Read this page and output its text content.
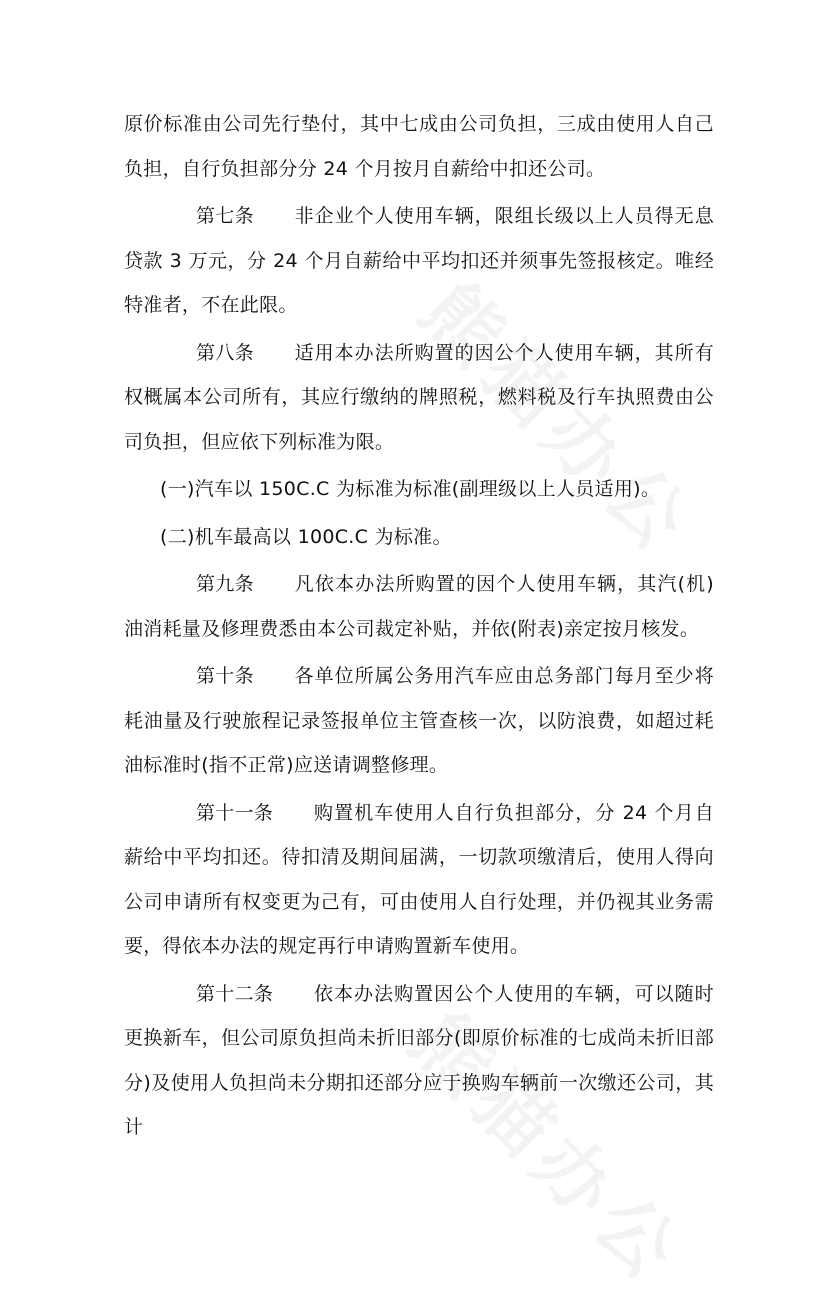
原价标准由公司先行垫付，其中七成由公司负担，三成由使用人自己负担，自行负担部分分 24 个月按月自薪给中扣还公司。

第七条 非企业个人使用车辆，限组长级以上人员得无息贷款 3 万元，分 24 个月自薪给中平均扣还并须事先签报核定。唯经特准者，不在此限。

第八条 适用本办法所购置的因公个人使用车辆，其所有权概属本公司所有，其应行缴纳的牌照税，燃料税及行车执照费由公司负担，但应依下列标准为限。

(一)汽车以 150C.C 为标准为标准(副理级以上人员适用)。

(二)机车最高以 100C.C 为标准。

第九条 凡依本办法所购置的因个人使用车辆，其汽(机)油消耗量及修理费悉由本公司裁定补贴，并依(附表)亲定按月核发。

第十条 各单位所属公务用汽车应由总务部门每月至少将耗油量及行驶旅程记录签报单位主管查核一次，以防浪费，如超过耗油标准时(指不正常)应送请调整修理。

第十一条 购置机车使用人自行负担部分，分 24 个月自薪给中平均扣还。待扣清及期间届满，一切款项缴清后，使用人得向公司申请所有权变更为己有，可由使用人自行处理，并仍视其业务需要，得依本办法的规定再行申请购置新车使用。

第十二条 依本办法购置因公个人使用的车辆，可以随时更换新车，但公司原负担尚未折旧部分(即原价标准的七成尚未折旧部分)及使用人负担尚未分期扣还部分应于换购车辆前一次缴还公司，其计
